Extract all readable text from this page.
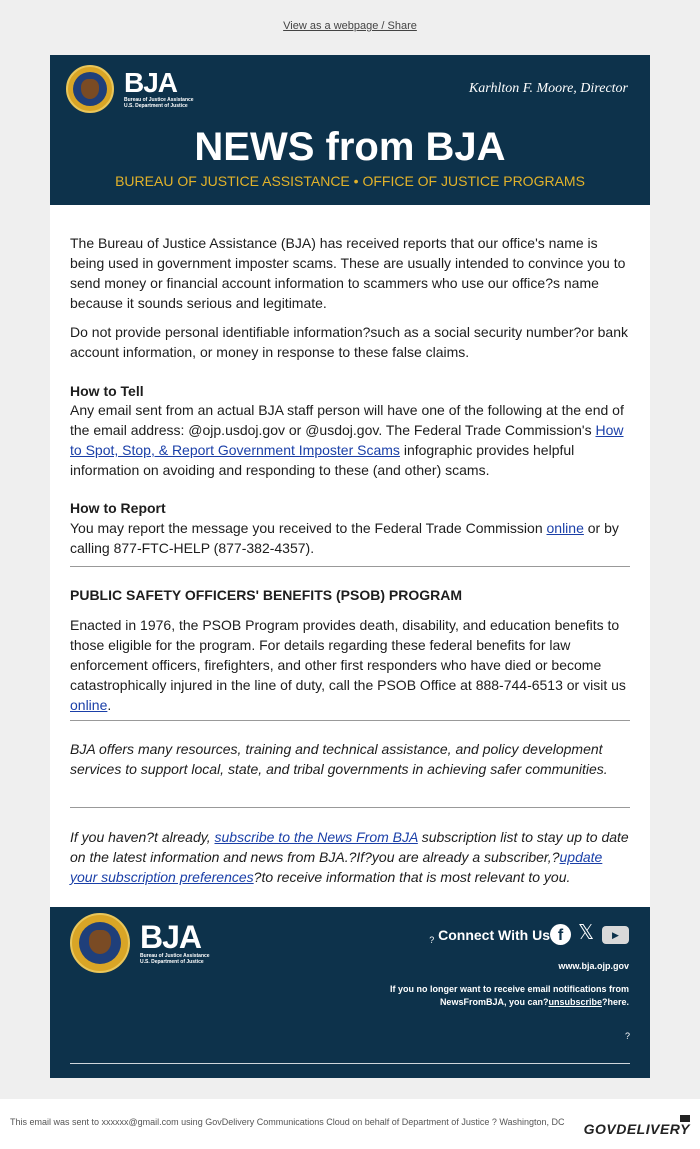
View as a webpage / Share
BJA
Bureau of Justice Assistance
U.S. Department of Justice
Karhlton F. Moore, Director
NEWS from BJA
BUREAU OF JUSTICE ASSISTANCE • OFFICE OF JUSTICE PROGRAMS

The Bureau of Justice Assistance (BJA) has received reports that our office's name is being used in government imposter scams. These are usually intended to convince you to send money or financial account information to scammers who use our office?s name because it sounds serious and legitimate.

Do not provide personal identifiable information?such as a social security number?or bank account information, or money in response to these false claims.

How to Tell

Any email sent from an actual BJA staff person will have one of the following at the end of the email address: @ojp.usdoj.gov or @usdoj.gov. The Federal Trade Commission's How to Spot, Stop, & Report Government Imposter Scams infographic provides helpful information on avoiding and responding to these (and other) scams.

How to Report

You may report the message you received to the Federal Trade Commission online or by calling 877-FTC-HELP (877-382-4357).

PUBLIC SAFETY OFFICERS' BENEFITS (PSOB) PROGRAM

Enacted in 1976, the PSOB Program provides death, disability, and education benefits to those eligible for the program. For details regarding these federal benefits for law enforcement officers, firefighters, and other first responders who have died or become catastrophically injured in the line of duty, call the PSOB Office at 888-744-6513 or visit us online.

BJA offers many resources, training and technical assistance, and policy development services to support local, state, and tribal governments in achieving safer communities.

If you haven?t already, subscribe to the News From BJA subscription list to stay up to date on the latest information and news from BJA.?If?you are already a subscriber,?update your subscription preferences?to receive information that is most relevant to you.

BJA
Bureau of Justice Assistance
U.S. Department of Justice
$_?$ Connect With Us f 𝕏	▶
www.bja.ojp.gov
If you no longer want to receive email notifications from NewsFromBJA, you can?unsubscribe?here.
?
This email was sent to xxxxxx@gmail.com using GovDelivery Communications Cloud on behalf of Department of Justice ? Washington, DC	GOVDELIVERY
